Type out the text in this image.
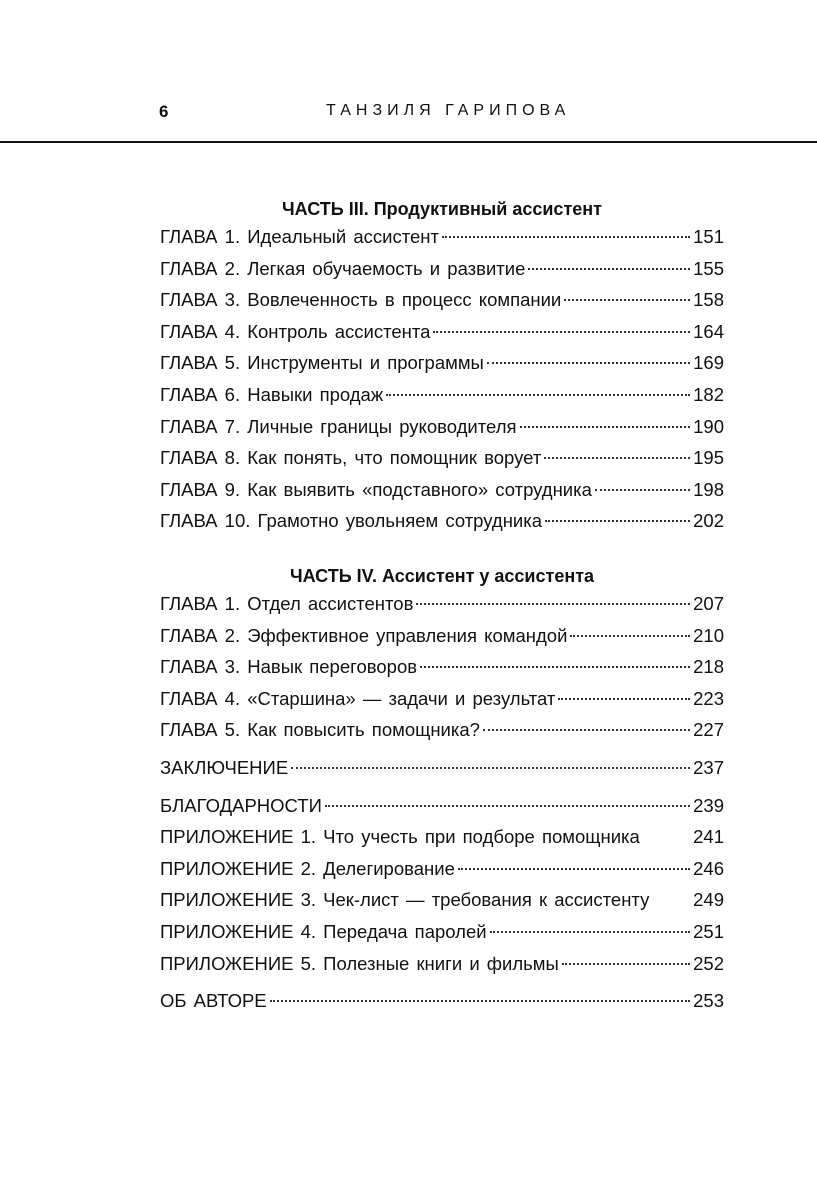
6	ТАНЗИЛЯ ГАРИПОВА
ЧАСТЬ III. Продуктивный ассистент
ГЛАВА 1. Идеальный ассистент	151
ГЛАВА 2. Легкая обучаемость и развитие	155
ГЛАВА 3. Вовлеченность в процесс компании	158
ГЛАВА 4. Контроль ассистента	164
ГЛАВА 5. Инструменты и программы	169
ГЛАВА 6. Навыки продаж	182
ГЛАВА 7. Личные границы руководителя	190
ГЛАВА 8. Как понять, что помощник ворует	195
ГЛАВА 9. Как выявить «подставного» сотрудника	198
ГЛАВА 10. Грамотно увольняем сотрудника	202
ЧАСТЬ IV. Ассистент у ассистента
ГЛАВА 1. Отдел ассистентов	207
ГЛАВА 2. Эффективное управления командой	210
ГЛАВА 3. Навык переговоров	218
ГЛАВА 4. «Старшина» — задачи и результат	223
ГЛАВА 5. Как повысить помощника?	227
ЗАКЛЮЧЕНИЕ	237
БЛАГОДАРНОСТИ	239
ПРИЛОЖЕНИЕ 1. Что учесть при подборе помощника	241
ПРИЛОЖЕНИЕ 2. Делегирование	246
ПРИЛОЖЕНИЕ 3. Чек-лист — требования к ассистенту 249
ПРИЛОЖЕНИЕ 4. Передача паролей	251
ПРИЛОЖЕНИЕ 5. Полезные книги и фильмы	252
ОБ АВТОРЕ	253
